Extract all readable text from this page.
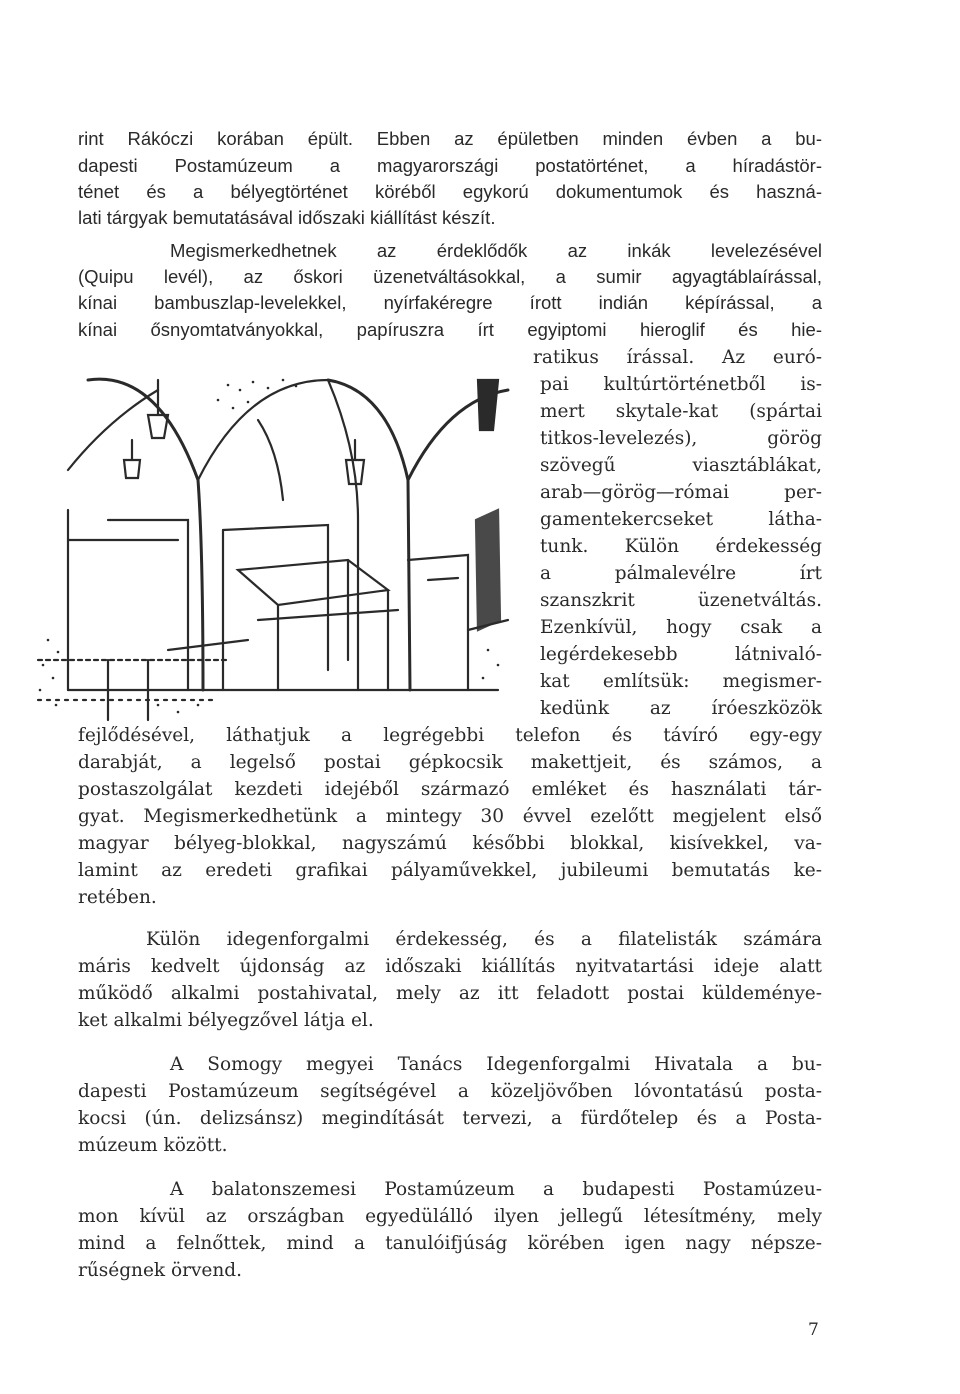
rint Rákóczi korában épült. Ebben az épületben minden évben a bu-

dapesti Postamúzeum a magyarországi postatörténet, a híradástör-

ténet és a bélyegtörténet köréből egykorú dokumentumok és haszná-

lati tárgyak bemutatásával időszaki kiállítást készít.

Megismerkedhetnek az érdeklődők az inkák levelezésével

(Quipu levél), az őskori üzenetváltásokkal, a sumir agyagtáblaírással,

kínai bambuszlap-levelekkel, nyírfakéregre írott indián képírással, a

kínai ősnyomtatványokkal, papíruszra írt egyiptomi hieroglif és hie-

ratikus írással. Az euró-

pai kultúrtörténetből is-

mert skytale-kat (spártai

titkos-levelezés), görög

szövegű viasztáblákat,

arab—görög—római per-

gamentekercseket látha-

tunk. Külön érdekesség

a pálmalevélre írt

szanszkrit üzenetváltás.

Ezenkívül, hogy csak a

legérdekesebb látnivaló-

kat említsük: megismer-

kedünk az íróeszközök

fejlődésével, láthatjuk a legrégebbi telefon és távíró egy-egy

darabját, a legelső postai gépkocsik makettjeit, és számos, a

postaszolgálat kezdeti idejéből származó emléket és használati tár-

gyat. Megismerkedhetünk a mintegy 30 évvel ezelőtt megjelent első

magyar bélyeg-blokkal, nagyszámú későbbi blokkal, kisívekkel, va-

lamint az eredeti grafikai pályaművekkel, jubileumi bemutatás ke-

retében.

Külön idegenforgalmi érdekesség, és a filatelisták számára

máris kedvelt újdonság az időszaki kiállítás nyitvatartási ideje alatt

működő alkalmi postahivatal, mely az itt feladott postai küldeménye-

ket alkalmi bélyegzővel látja el.

A Somogy megyei Tanács Idegenforgalmi Hivatala a bu-

dapesti Postamúzeum segítségével a közeljövőben lóvontatású posta-

kocsi (ún. delizsánsz) megindítását tervezi, a fürdőtelep és a Posta-

múzeum között.

A balatonszemesi Postamúzeum a budapesti Postamúzeu-

mon kívül az országban egyedülálló ilyen jellegű létesítmény, mely

mind a felnőttek, mind a tanulóifjúság körében igen nagy népsze-

rűségnek örvend.

7
